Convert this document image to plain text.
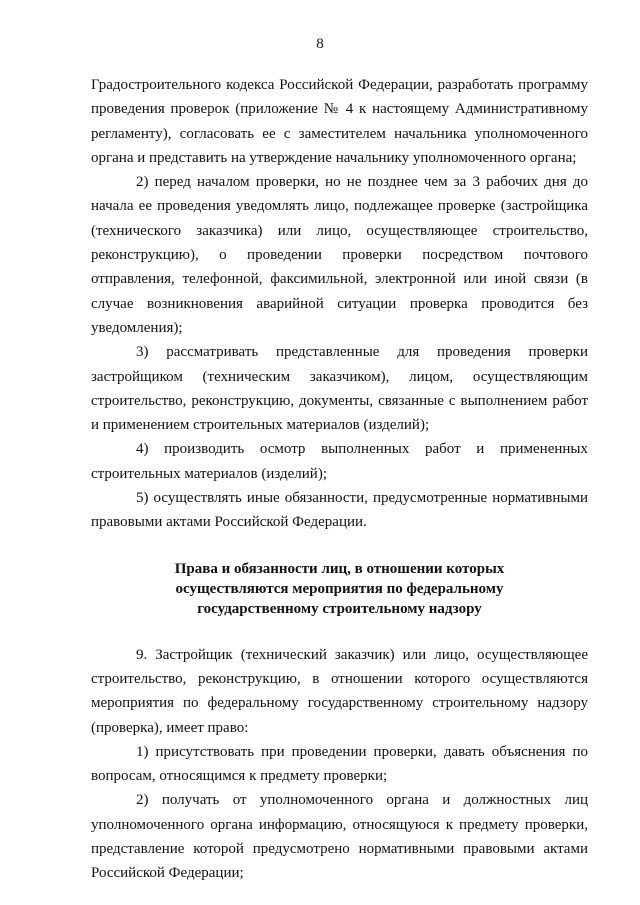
8

Градостроительного кодекса Российской Федерации, разработать программу проведения проверок (приложение № 4 к настоящему Административному регламенту), согласовать ее с заместителем начальника уполномоченного органа и представить на утверждение начальнику уполномоченного органа;

2) перед началом проверки, но не позднее чем за 3 рабочих дня до начала ее проведения уведомлять лицо, подлежащее проверке (застройщика (технического заказчика) или лицо, осуществляющее строительство, реконструкцию), о проведении проверки посредством почтового отправления, телефонной, факсимильной, электронной или иной связи (в случае возникновения аварийной ситуации проверка проводится без уведомления);

3) рассматривать представленные для проведения проверки застройщиком (техническим заказчиком), лицом, осуществляющим строительство, реконструкцию, документы, связанные с выполнением работ и применением строительных материалов (изделий);

4) производить осмотр выполненных работ и примененных строительных материалов (изделий);

5) осуществлять иные обязанности, предусмотренные нормативными правовыми актами Российской Федерации.

Права и обязанности лиц, в отношении которых
осуществляются мероприятия по федеральному
государственному строительному надзору

9. Застройщик (технический заказчик) или лицо, осуществляющее строительство, реконструкцию, в отношении которого осуществляются мероприятия по федеральному государственному строительному надзору (проверка), имеет право:

1) присутствовать при проведении проверки, давать объяснения по вопросам, относящимся к предмету проверки;

2) получать от уполномоченного органа и должностных лиц уполномоченного органа информацию, относящуюся к предмету проверки, представление которой предусмотрено нормативными правовыми актами Российской Федерации;
